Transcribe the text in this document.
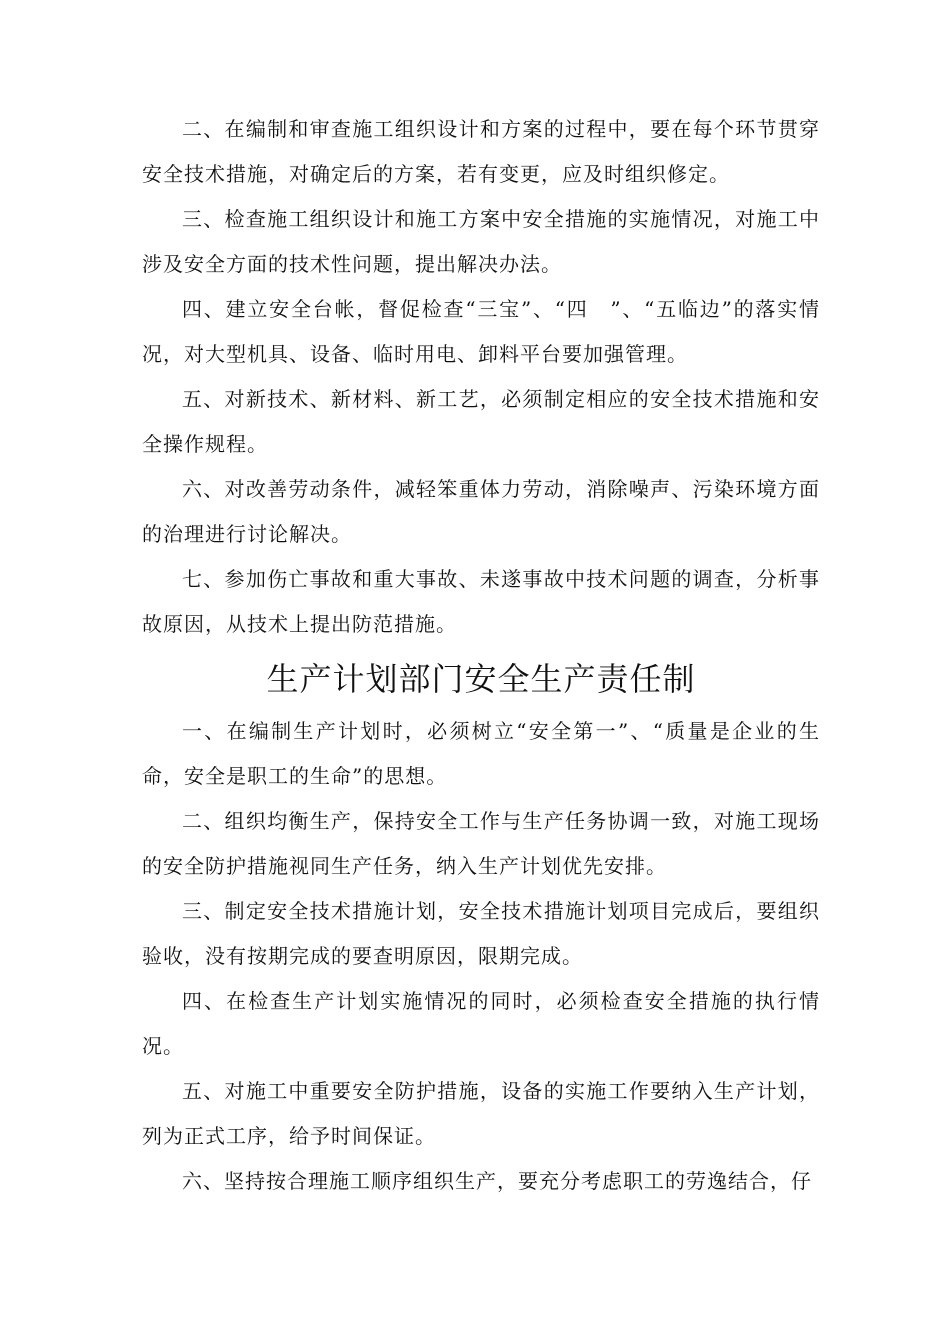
二、在编制和审查施工组织设计和方案的过程中，要在每个环节贯穿安全技术措施，对确定后的方案，若有变更，应及时组织修定。

三、检查施工组织设计和施工方案中安全措施的实施情况，对施工中涉及安全方面的技术性问题，提出解决办法。

四、建立安全台帐，督促检查“三宝”、“四　”、“五临边”的落实情况，对大型机具、设备、临时用电、卸料平台要加强管理。

五、对新技术、新材料、新工艺，必须制定相应的安全技术措施和安全操作规程。

六、对改善劳动条件，减轻笨重体力劳动，消除噪声、污染环境方面的治理进行讨论解决。

七、参加伤亡事故和重大事故、未遂事故中技术问题的调查，分析事故原因，从技术上提出防范措施。

生产计划部门安全生产责任制

一、在编制生产计划时，必须树立“安全第一”、“质量是企业的生命，安全是职工的生命”的思想。

二、组织均衡生产，保持安全工作与生产任务协调一致，对施工现场的安全防护措施视同生产任务，纳入生产计划优先安排。

三、制定安全技术措施计划，安全技术措施计划项目完成后，要组织验收，没有按期完成的要查明原因，限期完成。

四、在检查生产计划实施情况的同时，必须检查安全措施的执行情况。

五、对施工中重要安全防护措施，设备的实施工作要纳入生产计划，列为正式工序，给予时间保证。

六、坚持按合理施工顺序组织生产，要充分考虑职工的劳逸结合，仔
